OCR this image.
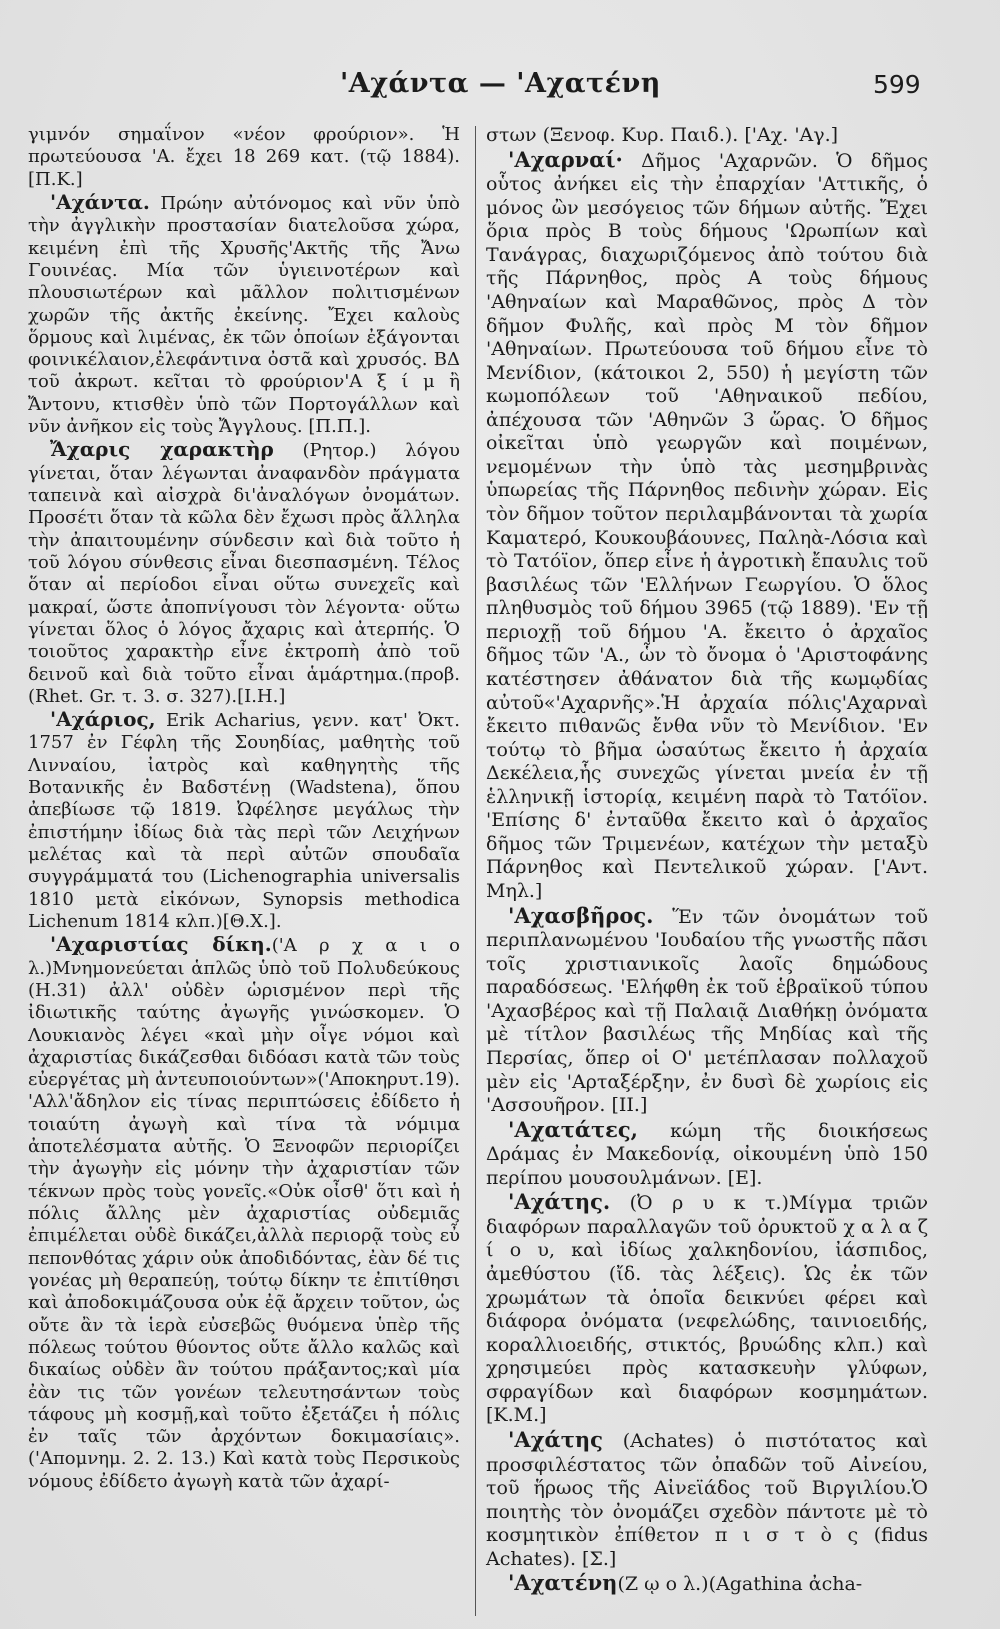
'Αχάντα — 'Αχατένη	599

γιμνόν σημαΐνον «νέον φρούριον». Ἡ πρωτεύουσα 'Α. ἔχει 18 269 κατ. (τῷ 1884). [Π.Κ.]

'Αχάντα. Πρώην αὐτόνομος καὶ νῦν ὑπὸ τὴν ἀγγλικὴν προστασίαν διατελοῦσα χώρα, κειμένη ἐπὶ τῆς Χρυσῆς'Ακτῆς τῆς Ἄνω Γουινέας. Μία τῶν ὑγιεινοτέρων καὶ πλουσιωτέρων καὶ μᾶλλον πολιτισμένων χωρῶν τῆς ἀκτῆς ἐκείνης. Ἔχει καλοὺς ὅρμους καὶ λιμένας, ἐκ τῶν ὁποίων ἐξάγονται φοινικέλαιον,ἐλεφάντινα ὀστᾶ καὶ χρυσός. ΒΔ τοῦ ἀκρωτ. κεῖται τὸ φρούριον'Α ξ ί μ ἢ Ἄντονυ, κτισθὲν ὑπὸ τῶν Πορτογάλλων καὶ νῦν ἀνῆκον εἰς τοὺς Ἄγγλους. [Π.Π.].

Ἄχαρις χαρακτὴρ (Ρητορ.) λόγου γίνεται, ὅταν λέγωνται ἀναφανδὸν πράγματα ταπεινὰ καὶ αἰσχρὰ δι'ἀναλόγων ὀνομάτων. Προσέτι ὅταν τὰ κῶλα δὲν ἔχωσι πρὸς ἄλληλα τὴν ἀπαιτουμένην σύνδεσιν καὶ διὰ τοῦτο ἡ τοῦ λόγου σύνθεσις εἶναι διεσπασμένη. Τέλος ὅταν αἱ περίοδοι εἶναι οὕτω συνεχεῖς καὶ μακραί, ὥστε ἀποπνίγουσι τὸν λέγοντα· οὕτω γίνεται ὅλος ὁ λόγος ἄχαρις καὶ ἀτερπής. Ὁ τοιοῦτος χαρακτὴρ εἶνε ἐκτροπὴ ἀπὸ τοῦ δεινοῦ καὶ διὰ τοῦτο εἶναι ἁμάρτημα.(προβ. (Rhet. Gr. τ. 3. σ. 327).[Ι.Η.]

'Αχάριος, Erik Acharius, γενν. κατ' Ὀκτ. 1757 ἐν Γέφλη τῆς Σουηδίας, μαθητὴς τοῦ Λινναίου, ἰατρὸς καὶ καθηγητὴς τῆς Βοτανικῆς ἐν Βαδστένῃ (Wadstena), ὅπου ἀπεβίωσε τῷ 1819. Ὠφέλησε μεγάλως τὴν ἐπιστήμην ἰδίως διὰ τὰς περὶ τῶν Λειχήνων μελέτας καὶ τὰ περὶ αὐτῶν σπουδαῖα συγγράμματά του (Lichenographia universalis 1810 μετὰ εἰκόνων, Synopsis methodica Lichenum 1814 κλπ.)[Θ.Χ.].

'Αχαριστίας δίκη.('Α ρ χ α ι ο λ.)Μνημονεύεται ἁπλῶς ὑπὸ τοῦ Πολυδεύκους (Η.31) ἀλλ' οὐδὲν ὡρισμένον περὶ τῆς ἰδιωτικῆς ταύτης ἀγωγῆς γινώσκομεν. Ὁ Λουκιανὸς λέγει «καὶ μὴν οἶγε νόμοι καὶ ἀχαριστίας δικάζεσθαι διδόασι κατὰ τῶν τοὺς εὐεργέτας μὴ ἀντευποιούντων»('Αποκηρυτ.19). 'Αλλ'ἄδηλον εἰς τίνας περιπτώσεις ἐδίδετο ἡ τοιαύτη ἀγωγὴ καὶ τίνα τὰ νόμιμα ἀποτελέσματα αὐτῆς. Ὁ Ξενοφῶν περιορίζει τὴν ἀγωγὴν εἰς μόνην τὴν ἀχαριστίαν τῶν τέκνων πρὸς τοὺς γονεῖς.«Οὐκ οἶσθ' ὅτι καὶ ἡ πόλις ἄλλης μὲν ἀχαριστίας οὐδεμιᾶς ἐπιμέλεται οὐδὲ δικάζει,ἀλλὰ περιορᾷ τοὺς εὖ πεπονθότας χάριν οὐκ ἀποδιδόντας, ἐὰν δέ τις γονέας μὴ θεραπεύῃ, τούτῳ δίκην τε ἐπιτίθησι καὶ ἀποδοκιμάζουσα οὐκ ἐᾷ ἄρχειν τοῦτον, ὡς οὔτε ἂν τὰ ἱερὰ εὐσεβῶς θυόμενα ὑπὲρ τῆς πόλεως τούτου θύοντος οὔτε ἄλλο καλῶς καὶ δικαίως οὐδὲν ἂν τούτου πράξαντος;καὶ μία ἐὰν τις τῶν γονέων τελευτησάντων τοὺς τάφους μὴ κοσμῇ,καὶ τοῦτο ἐξετάζει ἡ πόλις ἐν ταῖς τῶν ἀρχόντων δοκιμασίαις». ('Απομνημ. 2. 2. 13.) Καὶ κατὰ τοὺς Περσικοὺς νόμους ἐδίδετο ἀγωγὴ κατὰ τῶν ἀχαρί-

στων (Ξενοφ. Κυρ. Παιδ.). ['Αχ. 'Αγ.]

'Αχαρναί· Δῆμος 'Αχαρνῶν. Ὁ δῆμος οὗτος ἀνήκει εἰς τὴν ἐπαρχίαν 'Αττικῆς, ὁ μόνος ὢν μεσόγειος τῶν δήμων αὐτῆς. Ἔχει ὅρια πρὸς Β τοὺς δήμους 'Ωρωπίων καὶ Τανάγρας, διαχωριζόμενος ἀπὸ τούτου διὰ τῆς Πάρνηθος, πρὸς Α τοὺς δήμους 'Αθηναίων καὶ Μαραθῶνος, πρὸς Δ τὸν δῆμον Φυλῆς, καὶ πρὸς Μ τὸν δῆμον 'Αθηναίων. Πρωτεύουσα τοῦ δήμου εἶνε τὸ Μενίδιον, (κάτοικοι 2, 550) ἡ μεγίστη τῶν κωμοπόλεων τοῦ 'Αθηναικοῦ πεδίου, ἀπέχουσα τῶν 'Αθηνῶν 3 ὥρας. Ὁ δῆμος οἰκεῖται ὑπὸ γεωργῶν καὶ ποιμένων, νεμομένων τὴν ὑπὸ τὰς μεσημβρινὰς ὑπωρείας τῆς Πάρνηθος πεδινὴν χώραν. Εἰς τὸν δῆμον τοῦτον περιλαμβάνονται τὰ χωρία Καματερό, Κουκουβάουνες, Παληὰ-Λόσια καὶ τὸ Τατόϊον, ὅπερ εἶνε ἡ ἀγροτικὴ ἔπαυλις τοῦ βασιλέως τῶν 'Ελλήνων Γεωργίου. Ὁ ὅλος πληθυσμὸς τοῦ δήμου 3965 (τῷ 1889). 'Εν τῇ περιοχῇ τοῦ δήμου 'Α. ἔκειτο ὁ ἀρχαῖος δῆμος τῶν 'Α., ὧν τὸ ὄνομα ὁ 'Αριστοφάνης κατέστησεν ἀθάνατον διὰ τῆς κωμῳδίας αὐτοῦ«'Αχαρνῆς».Ἡ ἀρχαία πόλις'Αχαρναὶ ἔκειτο πιθανῶς ἔνθα νῦν τὸ Μενίδιον. 'Εν τούτῳ τὸ βῆμα ὡσαύτως ἔκειτο ἡ ἀρχαία Δεκέλεια,ἧς συνεχῶς γίνεται μνεία ἐν τῇ ἑλληνικῇ ἱστορίᾳ, κειμένη παρὰ τὸ Τατόϊον. 'Επίσης δ' ἐνταῦθα ἔκειτο καὶ ὁ ἀρχαῖος δῆμος τῶν Τριμενέων, κατέχων τὴν μεταξὺ Πάρνηθος καὶ Πεντελικοῦ χώραν. ['Αντ. Μηλ.]

'Αχασβῆρος. Ἕν τῶν ὀνομάτων τοῦ περιπλανωμένου 'Ιουδαίου τῆς γνωστῆς πᾶσι τοῖς χριστιανικοῖς λαοῖς δημώδους παραδόσεως. 'Ελήφθη ἐκ τοῦ ἑβραϊκοῦ τύπου 'Αχασβέρος καὶ τῇ Παλαιᾷ Διαθήκῃ ὀνόματα μὲ τίτλον βασιλέως τῆς Μηδίας καὶ τῆς Περσίας, ὅπερ οἱ Ο' μετέπλασαν πολλαχοῦ μὲν εἰς 'Αρταξέρξην, ἐν δυσὶ δὲ χωρίοις εἰς 'Ασσουῆρον. [ΙΙ.]

'Αχατάτες, κώμη τῆς διοικήσεως Δράμας ἐν Μακεδονίᾳ, οἰκουμένη ὑπὸ 150 περίπου μουσουλμάνων. [Ε].

'Αχάτης. (Ὀ ρ υ κ τ.)Μίγμα τριῶν διαφόρων παραλλαγῶν τοῦ ὀρυκτοῦ χ α λ α ζ ί ο υ, καὶ ἰδίως χαλκηδονίου, ἰάσπιδος, ἀμεθύστου (ἴδ. τὰς λέξεις). Ὡς ἐκ τῶν χρωμάτων τὰ ὁποῖα δεικνύει φέρει καὶ διάφορα ὀνόματα (νεφελώδης, ταινιοειδής, κοραλλιοειδής, στικτός, βρυώδης κλπ.) καὶ χρησιμεύει πρὸς κατασκευὴν γλύφων, σφραγίδων καὶ διαφόρων κοσμημάτων. [Κ.Μ.]

'Αχάτης (Achates) ὁ πιστότατος καὶ προσφιλέστατος τῶν ὀπαδῶν τοῦ Αἰνείου, τοῦ ἥρωος τῆς Αἰνεϊάδος τοῦ Βιργιλίου.Ὁ ποιητὴς τὸν ὀνομάζει σχεδὸν πάντοτε μὲ τὸ κοσμητικὸν ἐπίθετον π ι σ τ ὸ ς (fidus Achates). [Σ.]

'Αχατένη(Ζ ῳ ο λ.)(Agathina ἀcha-
